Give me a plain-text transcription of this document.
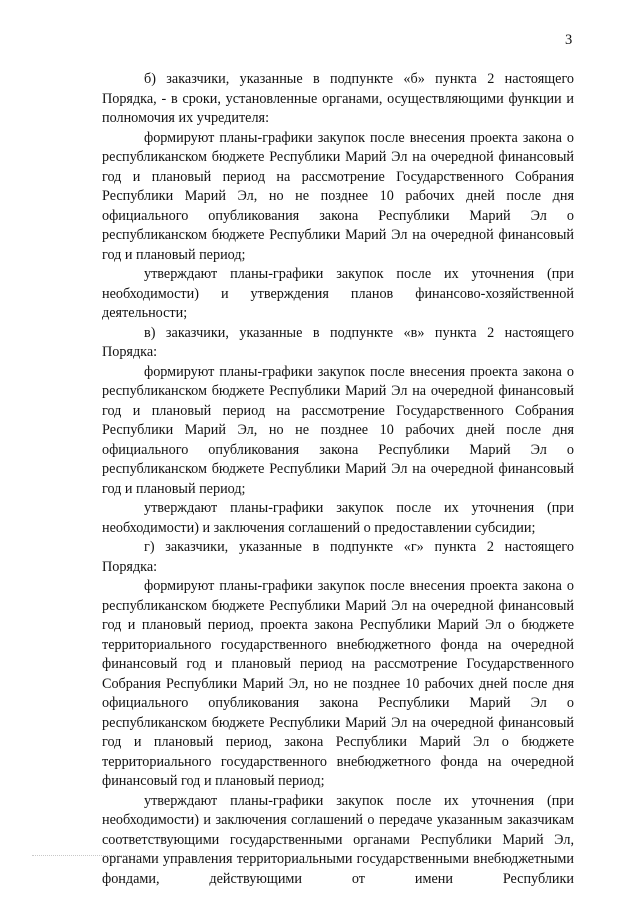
3

б) заказчики, указанные в подпункте «б» пункта 2 настоящего Порядка, - в сроки, установленные органами, осуществляющими функции и полномочия их учредителя:

формируют планы-графики закупок после внесения проекта закона о республиканском бюджете Республики Марий Эл на очередной финансовый год и плановый период на рассмотрение Государственного Собрания Республики Марий Эл, но не позднее 10 рабочих дней после дня официального опубликования закона Республики Марий Эл о республиканском бюджете Республики Марий Эл на очередной финансовый год и плановый период;

утверждают планы-графики закупок после их уточнения (при необходимости) и утверждения планов финансово-хозяйственной деятельности;

в) заказчики, указанные в подпункте «в» пункта 2 настоящего Порядка:

формируют планы-графики закупок после внесения проекта закона о республиканском бюджете Республики Марий Эл на очередной финансовый год и плановый период на рассмотрение Государственного Собрания Республики Марий Эл, но не позднее 10 рабочих дней после дня официального опубликования закона Республики Марий Эл о республиканском бюджете Республики Марий Эл на очередной финансовый год и плановый период;

утверждают планы-графики закупок после их уточнения (при необходимости) и заключения соглашений о предоставлении субсидии;

г) заказчики, указанные в подпункте «г» пункта 2 настоящего Порядка:

формируют планы-графики закупок после внесения проекта закона о республиканском бюджете Республики Марий Эл на очередной финансовый год и плановый период, проекта закона Республики Марий Эл о бюджете территориального государственного внебюджетного фонда на очередной финансовый год и плановый период на рассмотрение Государственного Собрания Республики Марий Эл, но не позднее 10 рабочих дней после дня официального опубликования закона Республики Марий Эл о республиканском бюджете Республики Марий Эл на очередной финансовый год и плановый период, закона Республики Марий Эл о бюджете территориального государственного внебюджетного фонда на очередной финансовый год и плановый период;

утверждают планы-графики закупок после их уточнения (при необходимости) и заключения соглашений о передаче указанным заказчикам соответствующими государственными органами Республики Марий Эл, органами управления территориальными государственными внебюджетными фондами, действующими от имени Республики
